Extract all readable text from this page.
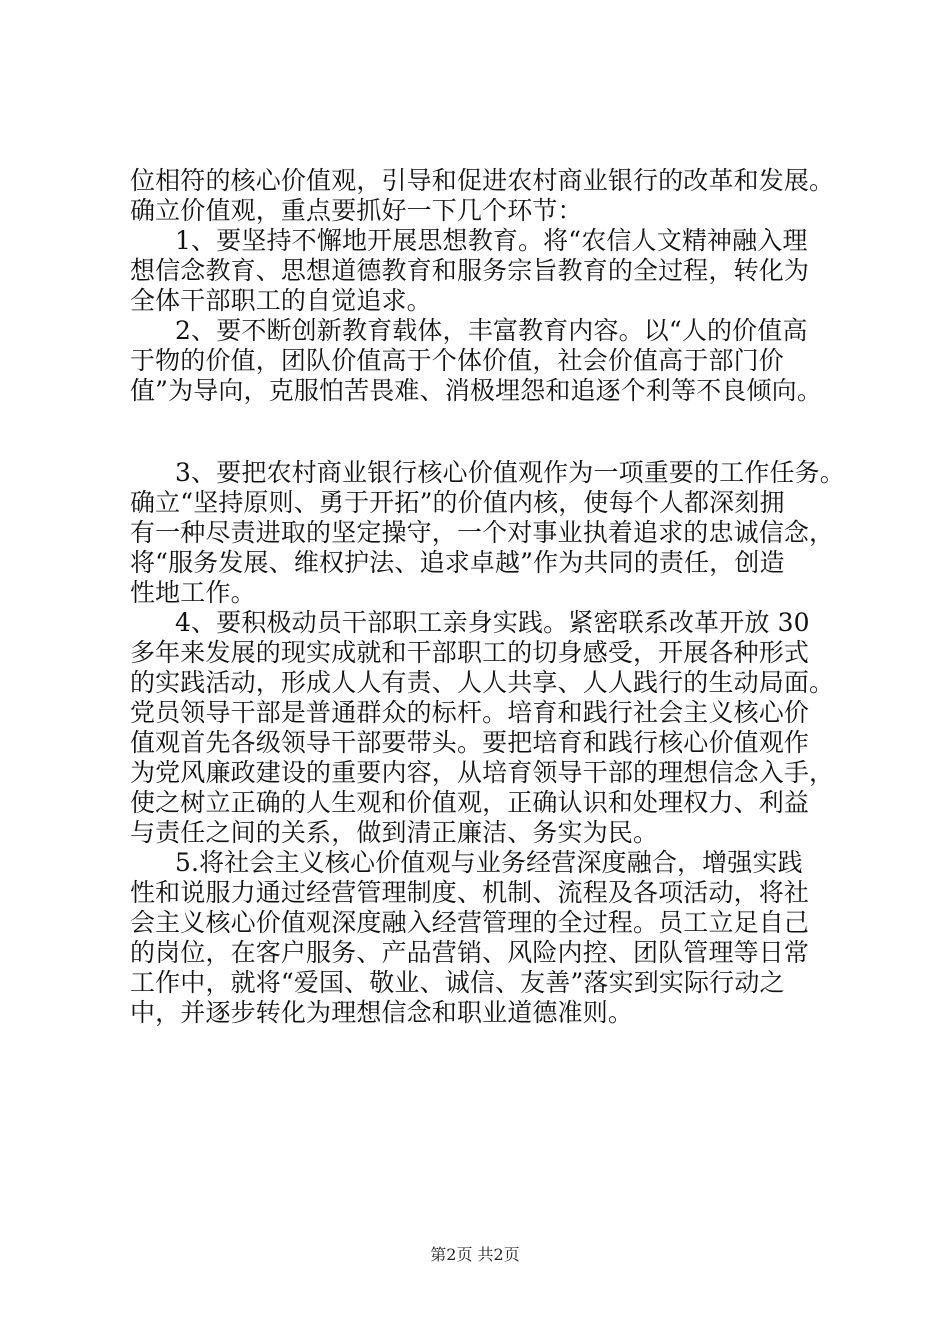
位相符的核心价值观，引导和促进农村商业银行的改革和发展。
确立价值观，重点要抓好一下几个环节：
1、要坚持不懈地开展思想教育。将“农信人文精神融入理
想信念教育、思想道德教育和服务宗旨教育的全过程，转化为
全体干部职工的自觉追求。
2、要不断创新教育载体，丰富教育内容。以“人的价值高
于物的价值，团队价值高于个体价值，社会价值高于部门价
值”为导向，克服怕苦畏难、消极埋怨和追逐个利等不良倾向。
3、要把农村商业银行核心价值观作为一项重要的工作任务。
确立“坚持原则、勇于开拓”的价值内核，使每个人都深刻拥
有一种尽责进取的坚定操守，一个对事业执着追求的忠诚信念，
将“服务发展、维权护法、追求卓越”作为共同的责任，创造
性地工作。
4、要积极动员干部职工亲身实践。紧密联系改革开放 30
多年来发展的现实成就和干部职工的切身感受，开展各种形式
的实践活动，形成人人有责、人人共享、人人践行的生动局面。
党员领导干部是普通群众的标杆。培育和践行社会主义核心价
值观首先各级领导干部要带头。要把培育和践行核心价值观作
为党风廉政建设的重要内容，从培育领导干部的理想信念入手，
使之树立正确的人生观和价值观，正确认识和处理权力、利益
与责任之间的关系，做到清正廉洁、务实为民。
5.将社会主义核心价值观与业务经营深度融合，增强实践
性和说服力通过经营管理制度、机制、流程及各项活动，将社
会主义核心价值观深度融入经营管理的全过程。员工立足自己
的岗位，在客户服务、产品营销、风险内控、团队管理等日常
工作中，就将“爱国、敬业、诚信、友善”落实到实际行动之
中，并逐步转化为理想信念和职业道德准则。
第2页 共2页
